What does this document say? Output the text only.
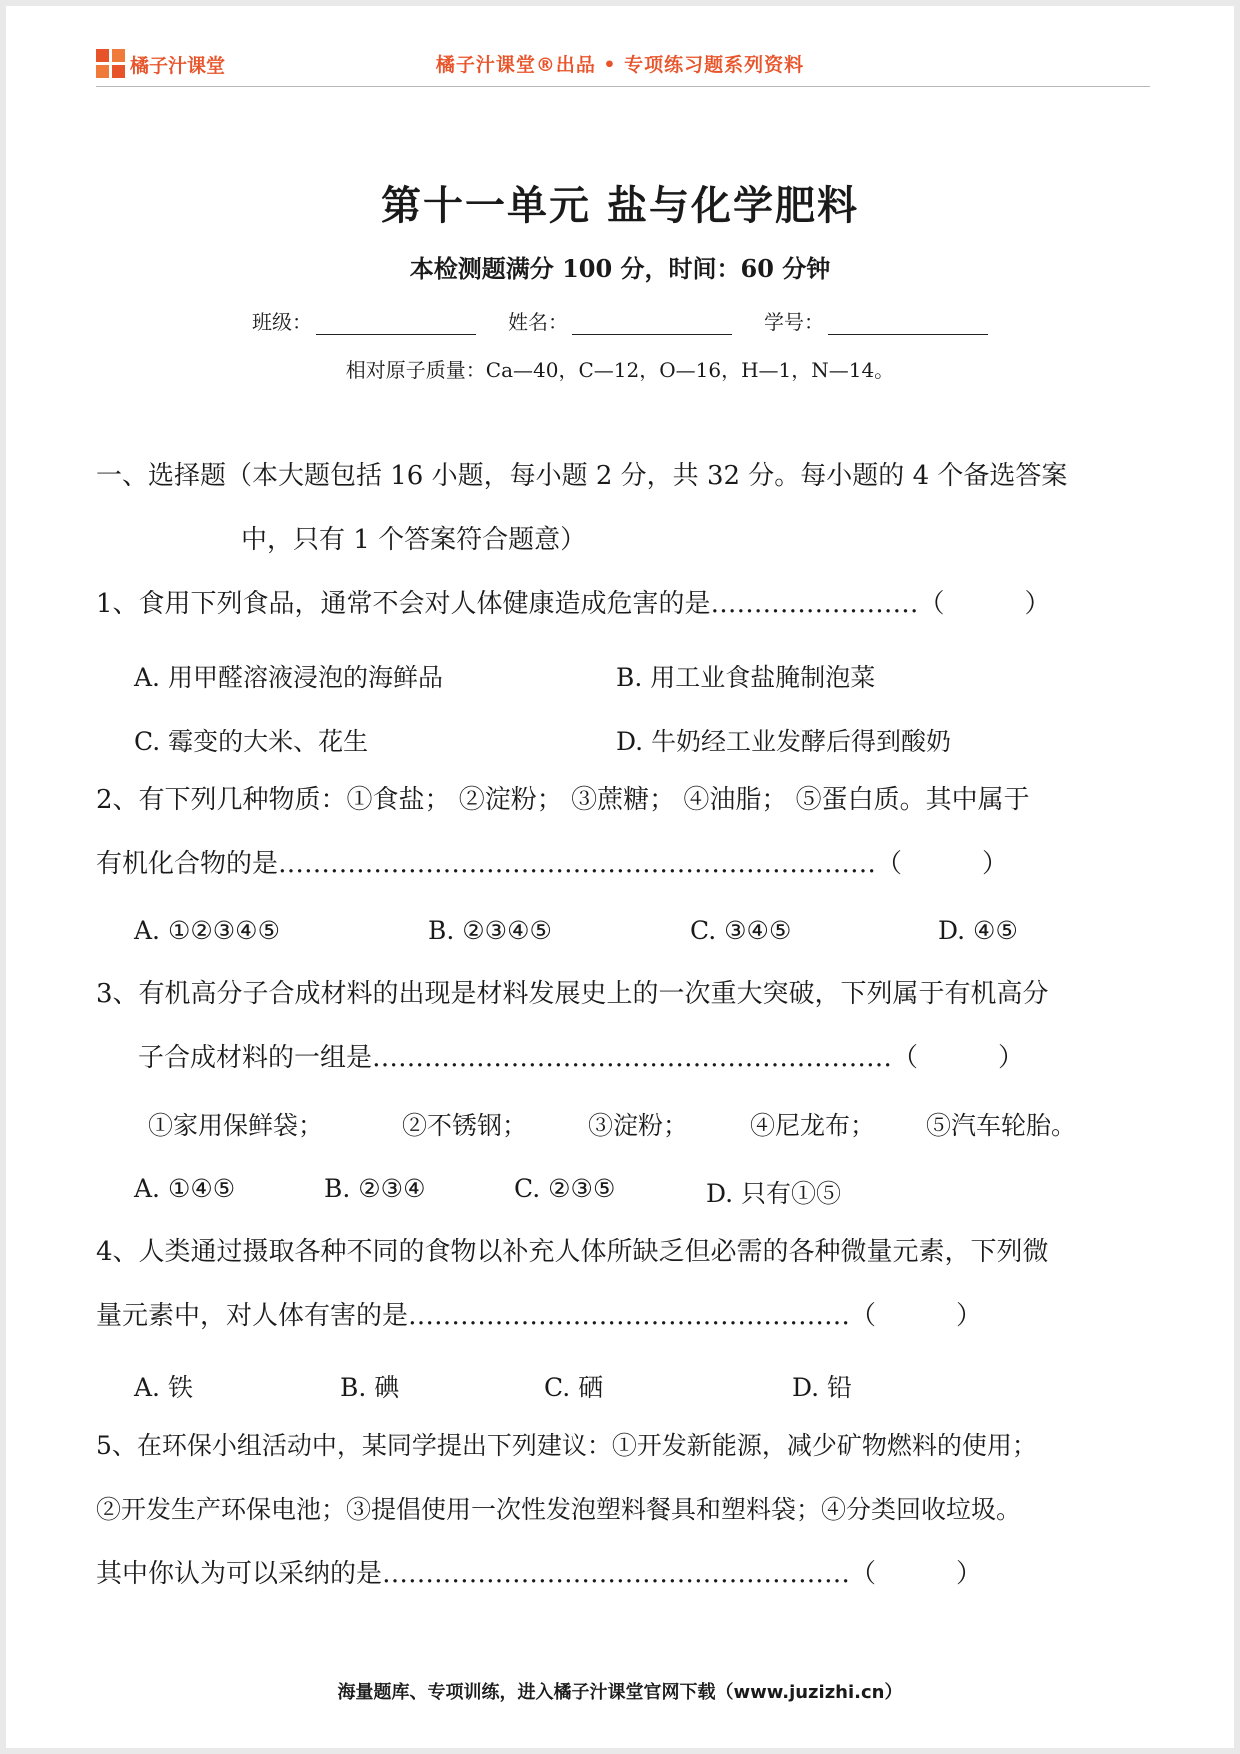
橘子汁课堂	橘子汁课堂®出品 • 专项练习题系列资料
第十一单元 盐与化学肥料
本检测题满分 100 分，时间：60 分钟
班级：	姓名：	学号：
相对原子质量：Ca—40，C—12，O—16，H—1，N—14。
一、选择题（本大题包括 16 小题，每小题 2 分，共 32 分。每小题的 4 个备选答案
中，只有 1 个答案符合题意）
1、食用下列食品，通常不会对人体健康造成危害的是……………………（	）
A. 用甲醛溶液浸泡的海鲜品	B. 用工业食盐腌制泡菜
C. 霉变的大米、花生	D. 牛奶经工业发酵后得到酸奶
2、有下列几种物质：①食盐； ②淀粉； ③蔗糖； ④油脂； ⑤蛋白质。其中属于
有机化合物的是……………………………………………………………（	）
A. ①②③④⑤	B. ②③④⑤	C. ③④⑤	D. ④⑤
3、有机高分子合成材料的出现是材料发展史上的一次重大突破，下列属于有机高分
子合成材料的一组是……………………………………………………（	）
①家用保鲜袋；	②不锈钢； ③淀粉； ④尼龙布； ⑤汽车轮胎。
A. ①④⑤	B. ②③④	C. ②③⑤	D. 只有①⑤
4、人类通过摄取各种不同的食物以补充人体所缺乏但必需的各种微量元素，下列微
量元素中，对人体有害的是……………………………………………（	）
A. 铁	B. 碘	C. 硒	D. 铅
5、在环保小组活动中，某同学提出下列建议：①开发新能源，减少矿物燃料的使用；
②开发生产环保电池；③提倡使用一次性发泡塑料餐具和塑料袋；④分类回收垃圾。
其中你认为可以采纳的是………………………………………………（	）
海量题库、专项训练，进入橘子汁课堂官网下载（www.juzizhi.cn）
